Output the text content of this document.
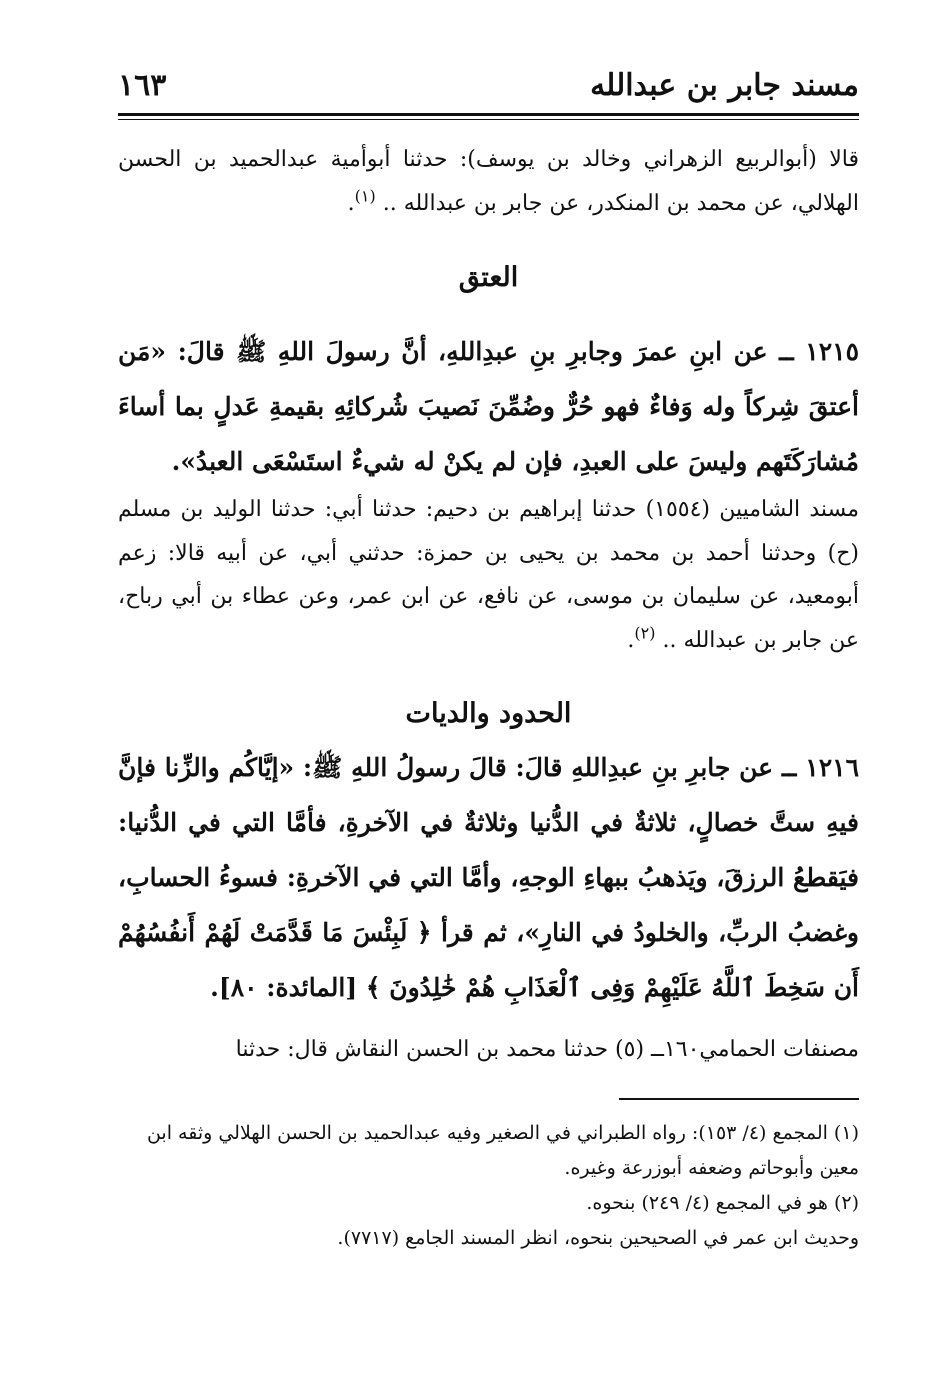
مسند جابر بن عبدالله
١٦٣

قالا (أبوالربيع الزهراني وخالد بن يوسف): حدثنا أبوأمية عبدالحميد بن الحسن الهلالي، عن محمد بن المنكدر، عن جابر بن عبدالله .. $^{(١)}$.

العتق

١٢١٥ ــ عن ابنِ عمرَ وجابرِ بنِ عبدِاللهِ، أنَّ رسولَ اللهِ ﷺ قالَ: «مَن أعتقَ شِركاً وله وَفاءٌ فهو حُرٌّ وضُمِّنَ نَصيبَ شُركائِهِ بقيمةِ عَدلٍ بما أساءَ مُشارَكَتَهم وليسَ على العبدِ، فإن لم يكنْ له شيءٌ استَسْعَى العبدُ».

مسند الشاميين (١٥٥٤) حدثنا إبراهيم بن دحيم: حدثنا أبي: حدثنا الوليد بن مسلم (ح) وحدثنا أحمد بن محمد بن يحيى بن حمزة: حدثني أبي، عن أبيه قالا: زعم أبومعيد، عن سليمان بن موسى، عن نافع، عن ابن عمر، وعن عطاء بن أبي رباح، عن جابر بن عبدالله .. $^{(٢)}$.

الحدود والديات

١٢١٦ ــ عن جابرِ بنِ عبدِاللهِ قالَ: قالَ رسولُ اللهِ ﷺ: «إيَّاكُم والزِّنا فإنَّ فيهِ ستَّ خصالٍ، ثلاثةٌ في الدُّنيا وثلاثةٌ في الآخرةِ، فأمَّا التي في الدُّنيا: فيَقطعُ الرزقَ، ويَذهبُ ببهاءِ الوجهِ، وأمَّا التي في الآخرةِ: فسوءُ الحسابِ، وغضبُ الربِّ، والخلودُ في النارِ»، ثم قرأ ﴿ لَبِئْسَ مَا قَدَّمَتْ لَهُمْ أَنفُسُهُمْ أَن سَخِطَ ٱللَّهُ عَلَيْهِمْ وَفِى ٱلْعَذَابِ هُمْ خَٰلِدُونَ ﴾ [المائدة: ٨٠].

مصنفات الحمامي١٦٠ــ (٥) حدثنا محمد بن الحسن النقاش قال: حدثنا

(١) المجمع (٤/ ١٥٣): رواه الطبراني في الصغير وفيه عبدالحميد بن الحسن الهلالي وثقه ابن معين وأبوحاتم وضعفه أبوزرعة وغيره.

(٢) هو في المجمع (٤/ ٢٤٩) بنحوه.

وحديث ابن عمر في الصحيحين بنحوه، انظر المسند الجامع (٧٧١٧).
